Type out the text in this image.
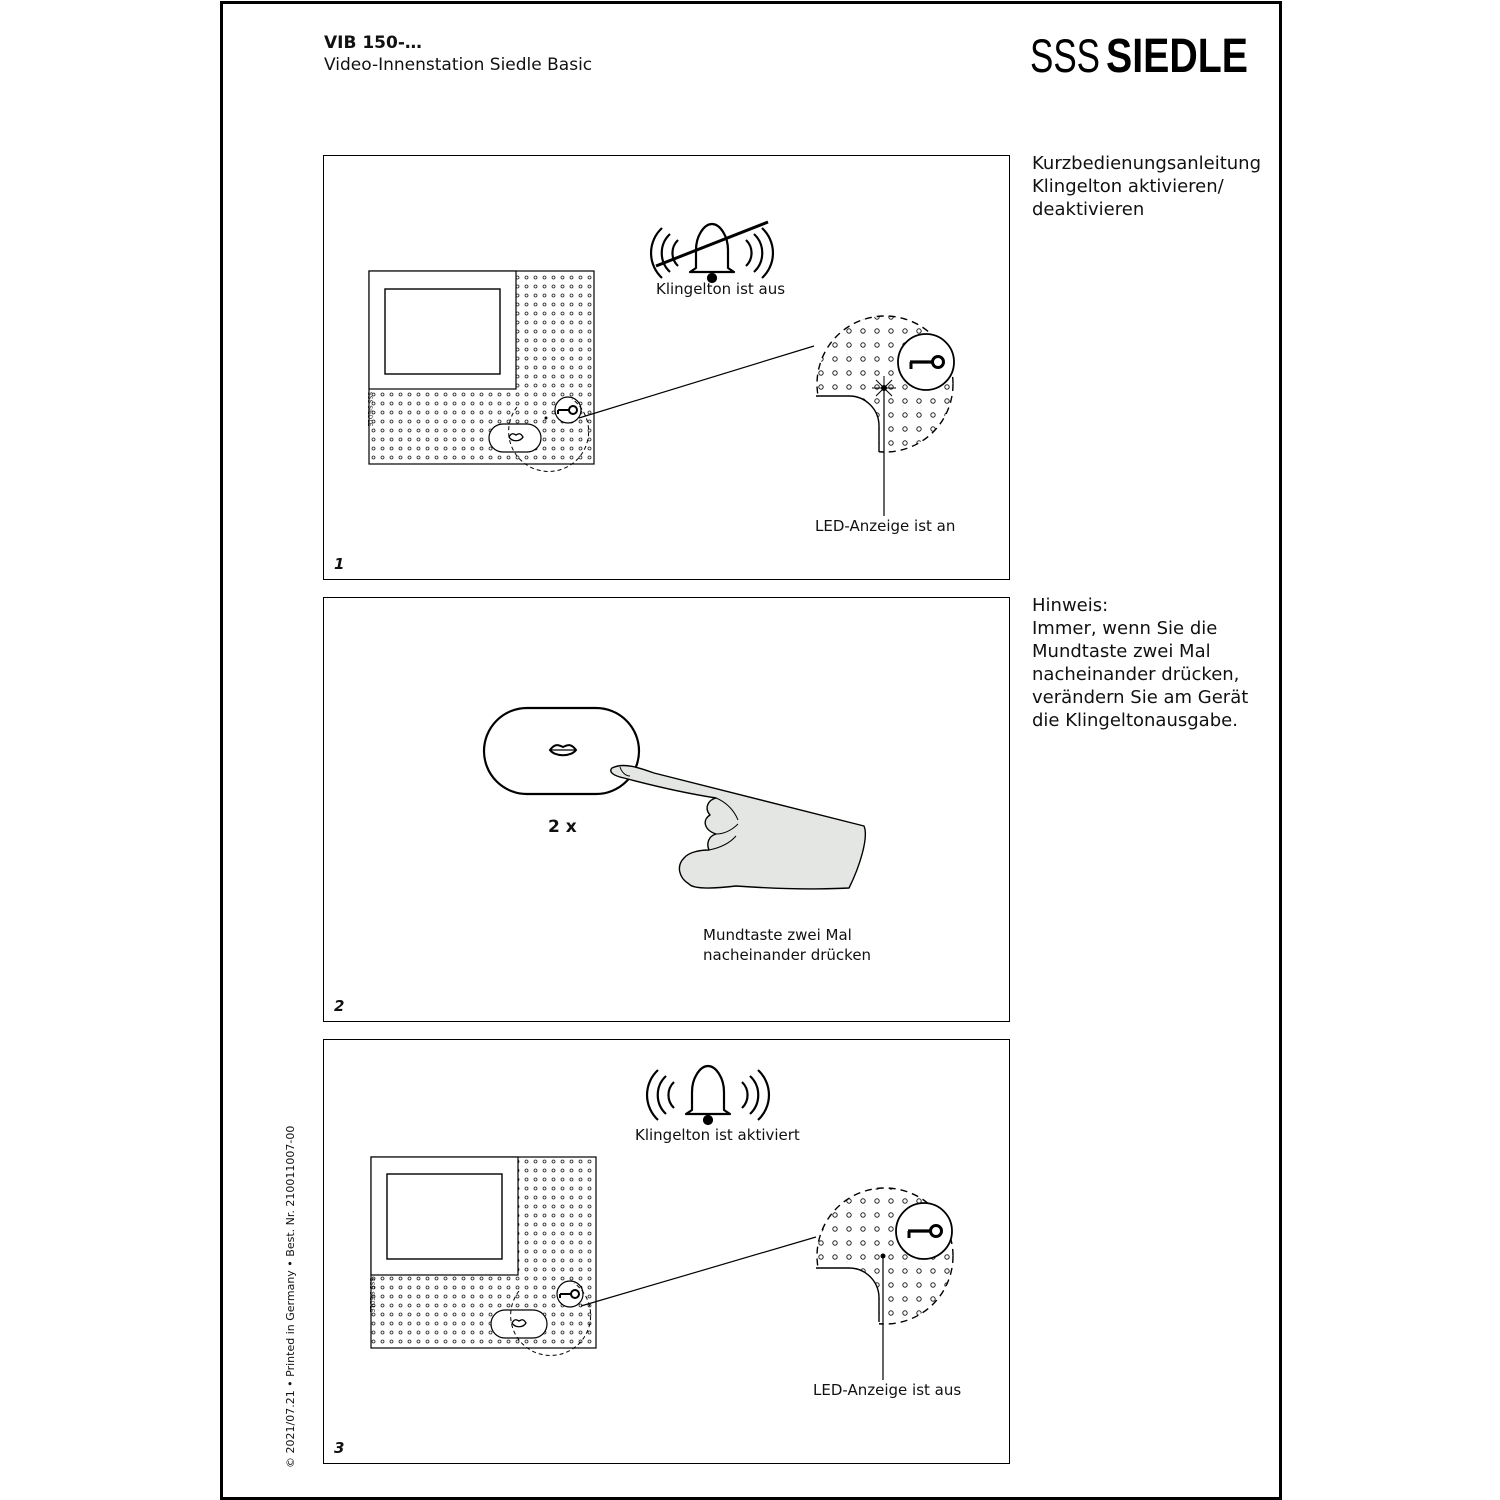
VIB 150-…
Video-Innenstation Siedle Basic	SSS SIEDLE
Kurzbedienungsanleitung
Klingelton aktivieren/
deaktivieren
Hinweis:
Immer, wenn Sie die
Mundtaste zwei Mal
nacheinander drücken,
verändern Sie am Gerät
die Klingeltonausgabe.
© 2021/07.21 • Printed in Germany • Best. Nr. 210011007-00
SSS SIEDLE
Klingelton ist aus
LED-Anzeige ist an
1
2 x
Mundtaste zwei Mal
nacheinander drücken
2
SSS SIEDLE
Klingelton ist aktiviert
LED-Anzeige ist aus
3
